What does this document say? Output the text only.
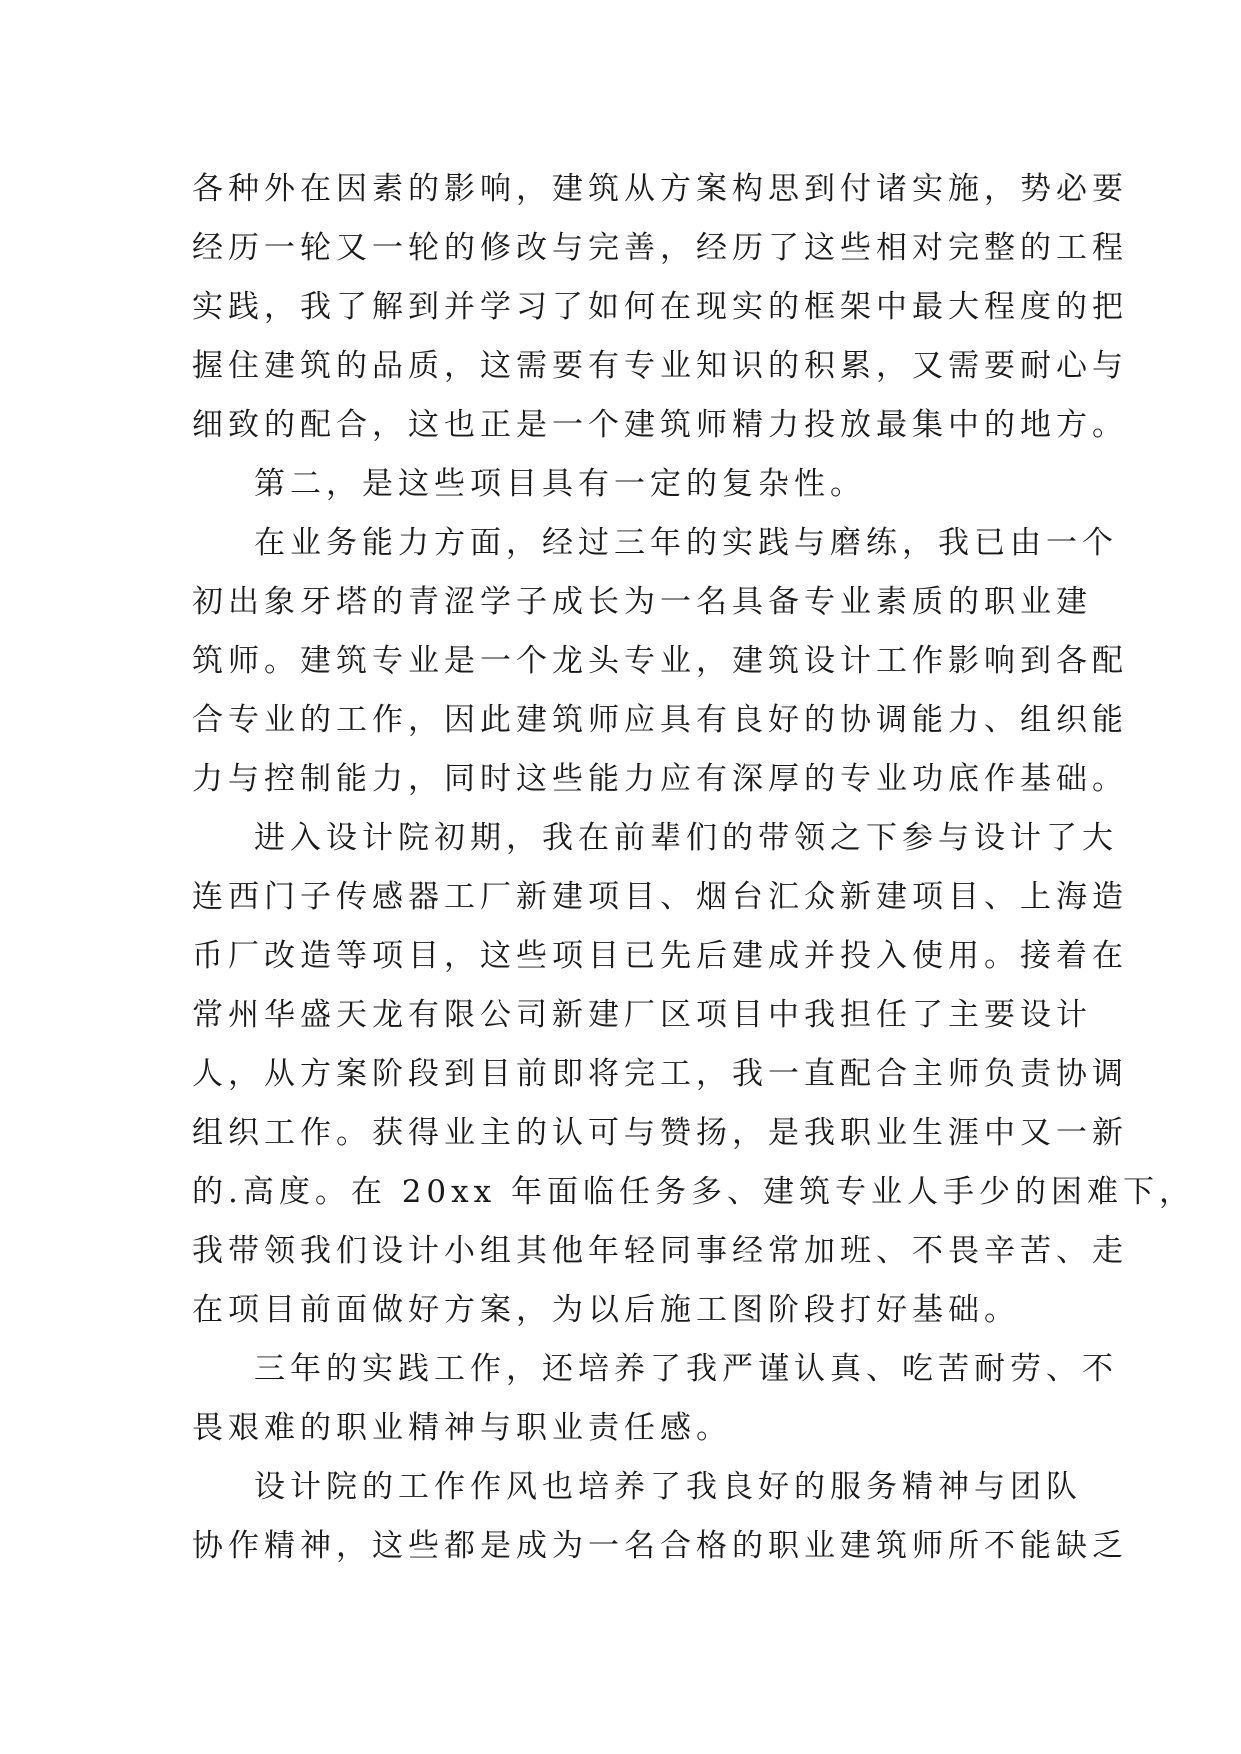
各种外在因素的影响，建筑从方案构思到付诸实施，势必要
经历一轮又一轮的修改与完善，经历了这些相对完整的工程
实践，我了解到并学习了如何在现实的框架中最大程度的把
握住建筑的品质，这需要有专业知识的积累，又需要耐心与
细致的配合，这也正是一个建筑师精力投放最集中的地方。
第二，是这些项目具有一定的复杂性。
在业务能力方面，经过三年的实践与磨练，我已由一个
初出象牙塔的青涩学子成长为一名具备专业素质的职业建
筑师。建筑专业是一个龙头专业，建筑设计工作影响到各配
合专业的工作，因此建筑师应具有良好的协调能力、组织能
力与控制能力，同时这些能力应有深厚的专业功底作基础。
进入设计院初期，我在前辈们的带领之下参与设计了大
连西门子传感器工厂新建项目、烟台汇众新建项目、上海造
币厂改造等项目，这些项目已先后建成并投入使用。接着在
常州华盛天龙有限公司新建厂区项目中我担任了主要设计
人，从方案阶段到目前即将完工，我一直配合主师负责协调
组织工作。获得业主的认可与赞扬，是我职业生涯中又一新
的.高度。在 20xx 年面临任务多、建筑专业人手少的困难下，
我带领我们设计小组其他年轻同事经常加班、不畏辛苦、走
在项目前面做好方案，为以后施工图阶段打好基础。
三年的实践工作，还培养了我严谨认真、吃苦耐劳、不
畏艰难的职业精神与职业责任感。
设计院的工作作风也培养了我良好的服务精神与团队
协作精神，这些都是成为一名合格的职业建筑师所不能缺乏
